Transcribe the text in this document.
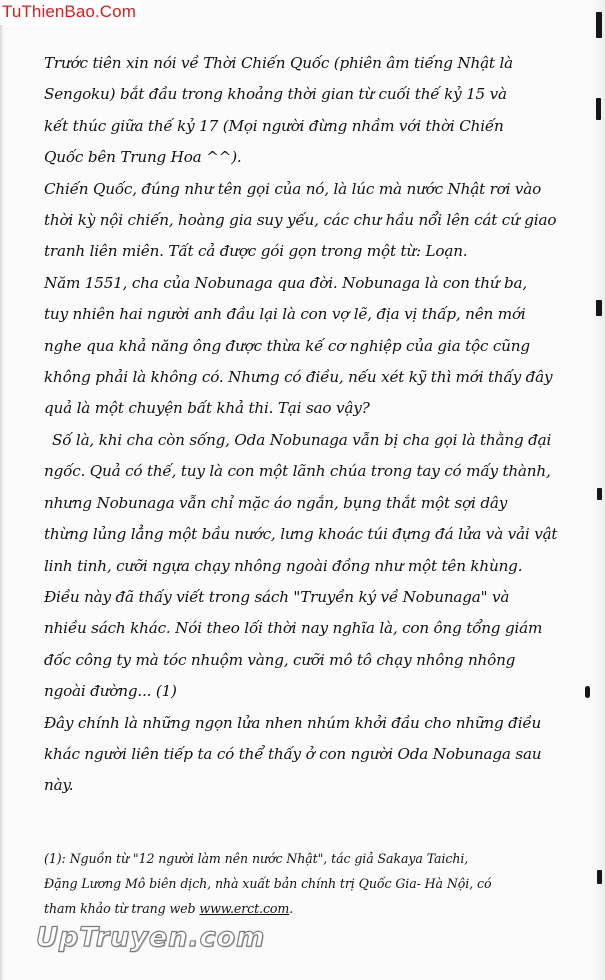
TuThienBao.Com
Trước tiên xin nói về Thời Chiến Quốc (phiên âm tiếng Nhật là
Sengoku) bắt đầu trong khoảng thời gian từ cuối thế kỷ 15 và
kết thúc giữa thế kỷ 17 (Mọi người đừng nhầm với thời Chiến
Quốc bên Trung Hoa ^^).
Chiến Quốc, đúng như tên gọi của nó, là lúc mà nước Nhật rơi vào
thời kỳ nội chiến, hoàng gia suy yếu, các chư hầu nổi lên cát cứ giao
tranh liên miên. Tất cả được gói gọn trong một từ: Loạn.
Năm 1551, cha của Nobunaga qua đời. Nobunaga là con thứ ba,
tuy nhiên hai người anh đầu lại là con vợ lẽ, địa vị thấp, nên mới
nghe qua khả năng ông được thừa kế cơ nghiệp của gia tộc cũng
không phải là không có. Nhưng có điều, nếu xét kỹ thì mới thấy đây
quả là một chuyện bất khả thi. Tại sao vậy?
Số là, khi cha còn sống, Oda Nobunaga vẫn bị cha gọi là thằng đại
ngốc. Quả có thế, tuy là con một lãnh chúa trong tay có mấy thành,
nhưng Nobunaga vẫn chỉ mặc áo ngắn, bụng thắt một sợi dây
thừng lủng lẳng một bầu nước, lưng khoác túi đựng đá lửa và vải vật
linh tinh, cưỡi ngựa chạy nhông ngoài đồng như một tên khùng.
Điều này đã thấy viết trong sách "Truyền ký về Nobunaga" và
nhiều sách khác. Nói theo lối thời nay nghĩa là, con ông tổng giám
đốc công ty mà tóc nhuộm vàng, cưỡi mô tô chạy nhông nhông
ngoài đường... (1)
Đây chính là những ngọn lửa nhen nhúm khởi đầu cho những điều
khác người liên tiếp ta có thể thấy ở con người Oda Nobunaga sau
này.
(1): Nguồn từ "12 người làm nên nước Nhật", tác giả Sakaya Taichi,
Đặng Lương Mô biên dịch, nhà xuất bản chính trị Quốc Gia- Hà Nội, có
tham khảo từ trang web www.erct.com.
UpTruyen.com
